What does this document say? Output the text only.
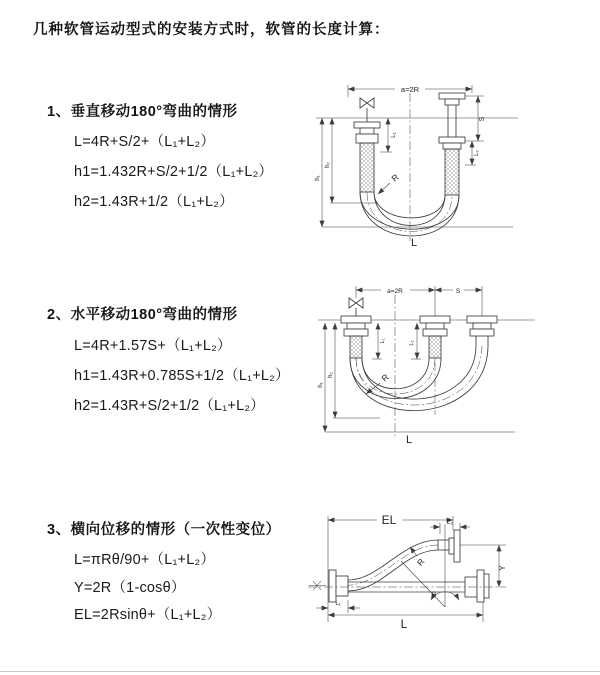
几种软管运动型式的安装方式时，软管的长度计算：
1、垂直移动180°弯曲的情形
L=4R+S/2+（L₁+L₂）
h1=1.432R+S/2+1/2（L₁+L₂）
h2=1.43R+1/2（L₁+L₂）
2、水平移动180°弯曲的情形
L=4R+1.57S+（L₁+L₂）
h1=1.43R+0.785S+1/2（L₁+L₂）
h2=1.43R+S/2+1/2（L₁+L₂）
3、横向位移的情形（一次性变位）
L=πRθ/90+（L₁+L₂）
Y=2R（1-cosθ）
EL=2Rsinθ+（L₁+L₂）
a=2R
S
L₂
L₁
h₁
h₂
R
L
a=2R	S
L₁	L₂
h₁
h₂	R
L
EL	L₂
Y
θ
R
L₁
L
